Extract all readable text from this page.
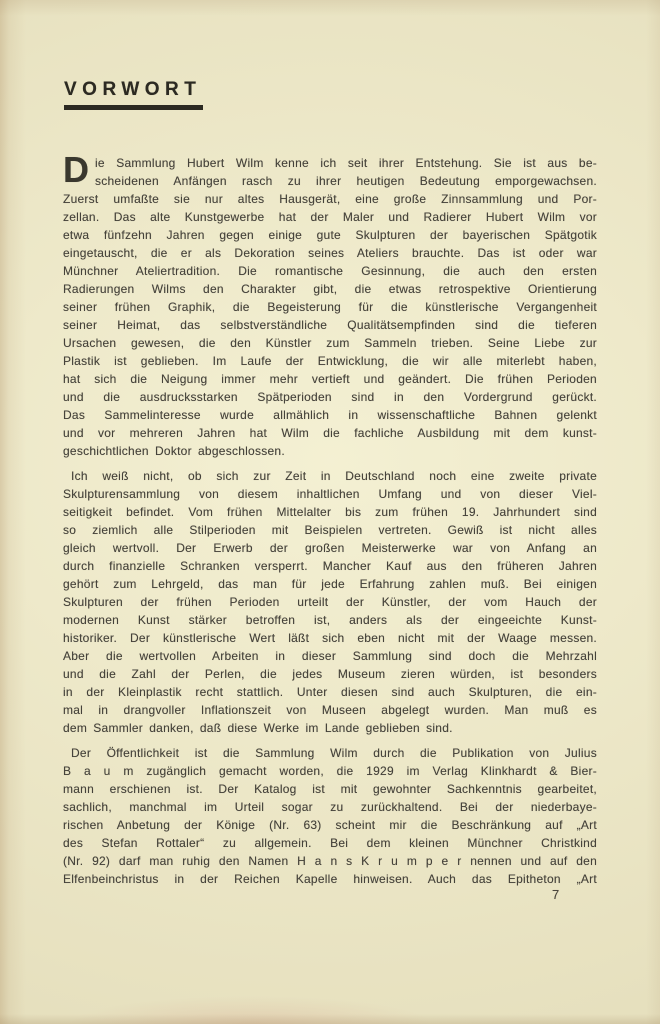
VORWORT
D ie Sammlung Hubert Wilm kenne ich seit ihrer Entstehung. Sie ist aus be-
scheidenen Anfängen rasch zu ihrer heutigen Bedeutung emporgewachsen.
Zuerst umfaßte sie nur altes Hausgerät, eine große Zinnsammlung und Por-
zellan. Das alte Kunstgewerbe hat der Maler und Radierer Hubert Wilm vor
etwa fünfzehn Jahren gegen einige gute Skulpturen der bayerischen Spätgotik
eingetauscht, die er als Dekoration seines Ateliers brauchte. Das ist oder war
Münchner Ateliertradition. Die romantische Gesinnung, die auch den ersten
Radierungen Wilms den Charakter gibt, die etwas retrospektive Orientierung
seiner frühen Graphik, die Begeisterung für die künstlerische Vergangenheit
seiner Heimat, das selbstverständliche Qualitätsempfinden sind die tieferen
Ursachen gewesen, die den Künstler zum Sammeln trieben. Seine Liebe zur
Plastik ist geblieben. Im Laufe der Entwicklung, die wir alle miterlebt haben,
hat sich die Neigung immer mehr vertieft und geändert. Die frühen Perioden
und die ausdrucksstarken Spätperioden sind in den Vordergrund gerückt.
Das Sammelinteresse wurde allmählich in wissenschaftliche Bahnen gelenkt
und vor mehreren Jahren hat Wilm die fachliche Ausbildung mit dem kunst-
geschichtlichen Doktor abgeschlossen.
Ich weiß nicht, ob sich zur Zeit in Deutschland noch eine zweite private
Skulpturensammlung von diesem inhaltlichen Umfang und von dieser Viel-
seitigkeit befindet. Vom frühen Mittelalter bis zum frühen 19. Jahrhundert sind
so ziemlich alle Stilperioden mit Beispielen vertreten. Gewiß ist nicht alles
gleich wertvoll. Der Erwerb der großen Meisterwerke war von Anfang an
durch finanzielle Schranken versperrt. Mancher Kauf aus den früheren Jahren
gehört zum Lehrgeld, das man für jede Erfahrung zahlen muß. Bei einigen
Skulpturen der frühen Perioden urteilt der Künstler, der vom Hauch der
modernen Kunst stärker betroffen ist, anders als der eingeeichte Kunst-
historiker. Der künstlerische Wert läßt sich eben nicht mit der Waage messen.
Aber die wertvollen Arbeiten in dieser Sammlung sind doch die Mehrzahl
und die Zahl der Perlen, die jedes Museum zieren würden, ist besonders
in der Kleinplastik recht stattlich. Unter diesen sind auch Skulpturen, die ein-
mal in drangvoller Inflationszeit von Museen abgelegt wurden. Man muß es
dem Sammler danken, daß diese Werke im Lande geblieben sind.
Der Öffentlichkeit ist die Sammlung Wilm durch die Publikation von Julius
B a u m zugänglich gemacht worden, die 1929 im Verlag Klinkhardt & Bier-
mann erschienen ist. Der Katalog ist mit gewohnter Sachkenntnis gearbeitet,
sachlich, manchmal im Urteil sogar zu zurückhaltend. Bei der niederbaye-
rischen Anbetung der Könige (Nr. 63) scheint mir die Beschränkung auf „Art
des Stefan Rottaler“ zu allgemein. Bei dem kleinen Münchner Christkind
(Nr. 92) darf man ruhig den Namen H a n s K r u m p e r nennen und auf den
Elfenbeinchristus in der Reichen Kapelle hinweisen. Auch das Epitheton „Art
7
